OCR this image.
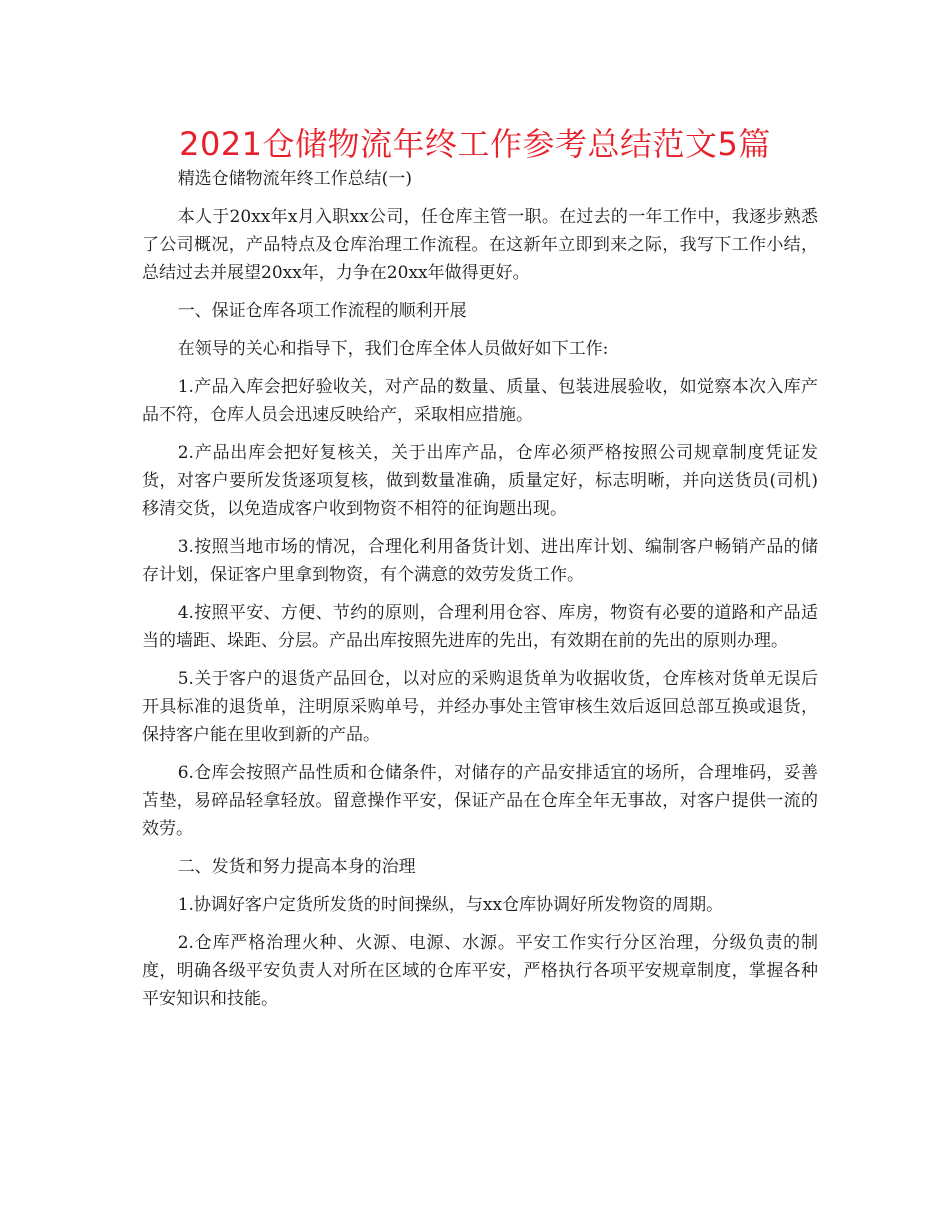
2021仓储物流年终工作参考总结范文5篇

精选仓储物流年终工作总结(一)

本人于20xx年x月入职xx公司，任仓库主管一职。在过去的一年工作中，我逐步熟悉了公司概况，产品特点及仓库治理工作流程。在这新年立即到来之际，我写下工作小结，总结过去并展望20xx年，力争在20xx年做得更好。

一、保证仓库各项工作流程的顺利开展

在领导的关心和指导下，我们仓库全体人员做好如下工作:

1.产品入库会把好验收关，对产品的数量、质量、包装进展验收，如觉察本次入库产品不符，仓库人员会迅速反映给产，采取相应措施。

2.产品出库会把好复核关，关于出库产品，仓库必须严格按照公司规章制度凭证发货，对客户要所发货逐项复核，做到数量准确，质量定好，标志明晰，并向送货员(司机)移清交货，以免造成客户收到物资不相符的征询题出现。

3.按照当地市场的情况，合理化利用备货计划、进出库计划、编制客户畅销产品的储存计划，保证客户里拿到物资，有个满意的效劳发货工作。

4.按照平安、方便、节约的原则，合理利用仓容、库房，物资有必要的道路和产品适当的墙距、垛距、分层。产品出库按照先进库的先出，有效期在前的先出的原则办理。

5.关于客户的退货产品回仓，以对应的采购退货单为收据收货，仓库核对货单无误后开具标准的退货单，注明原采购单号，并经办事处主管审核生效后返回总部互换或退货，保持客户能在里收到新的产品。

6.仓库会按照产品性质和仓储条件，对储存的产品安排适宜的场所，合理堆码，妥善苫垫，易碎品轻拿轻放。留意操作平安，保证产品在仓库全年无事故，对客户提供一流的效劳。

二、发货和努力提高本身的治理

1.协调好客户定货所发货的时间操纵，与xx仓库协调好所发物资的周期。

2.仓库严格治理火种、火源、电源、水源。平安工作实行分区治理，分级负责的制度，明确各级平安负责人对所在区域的仓库平安，严格执行各项平安规章制度，掌握各种平安知识和技能。
